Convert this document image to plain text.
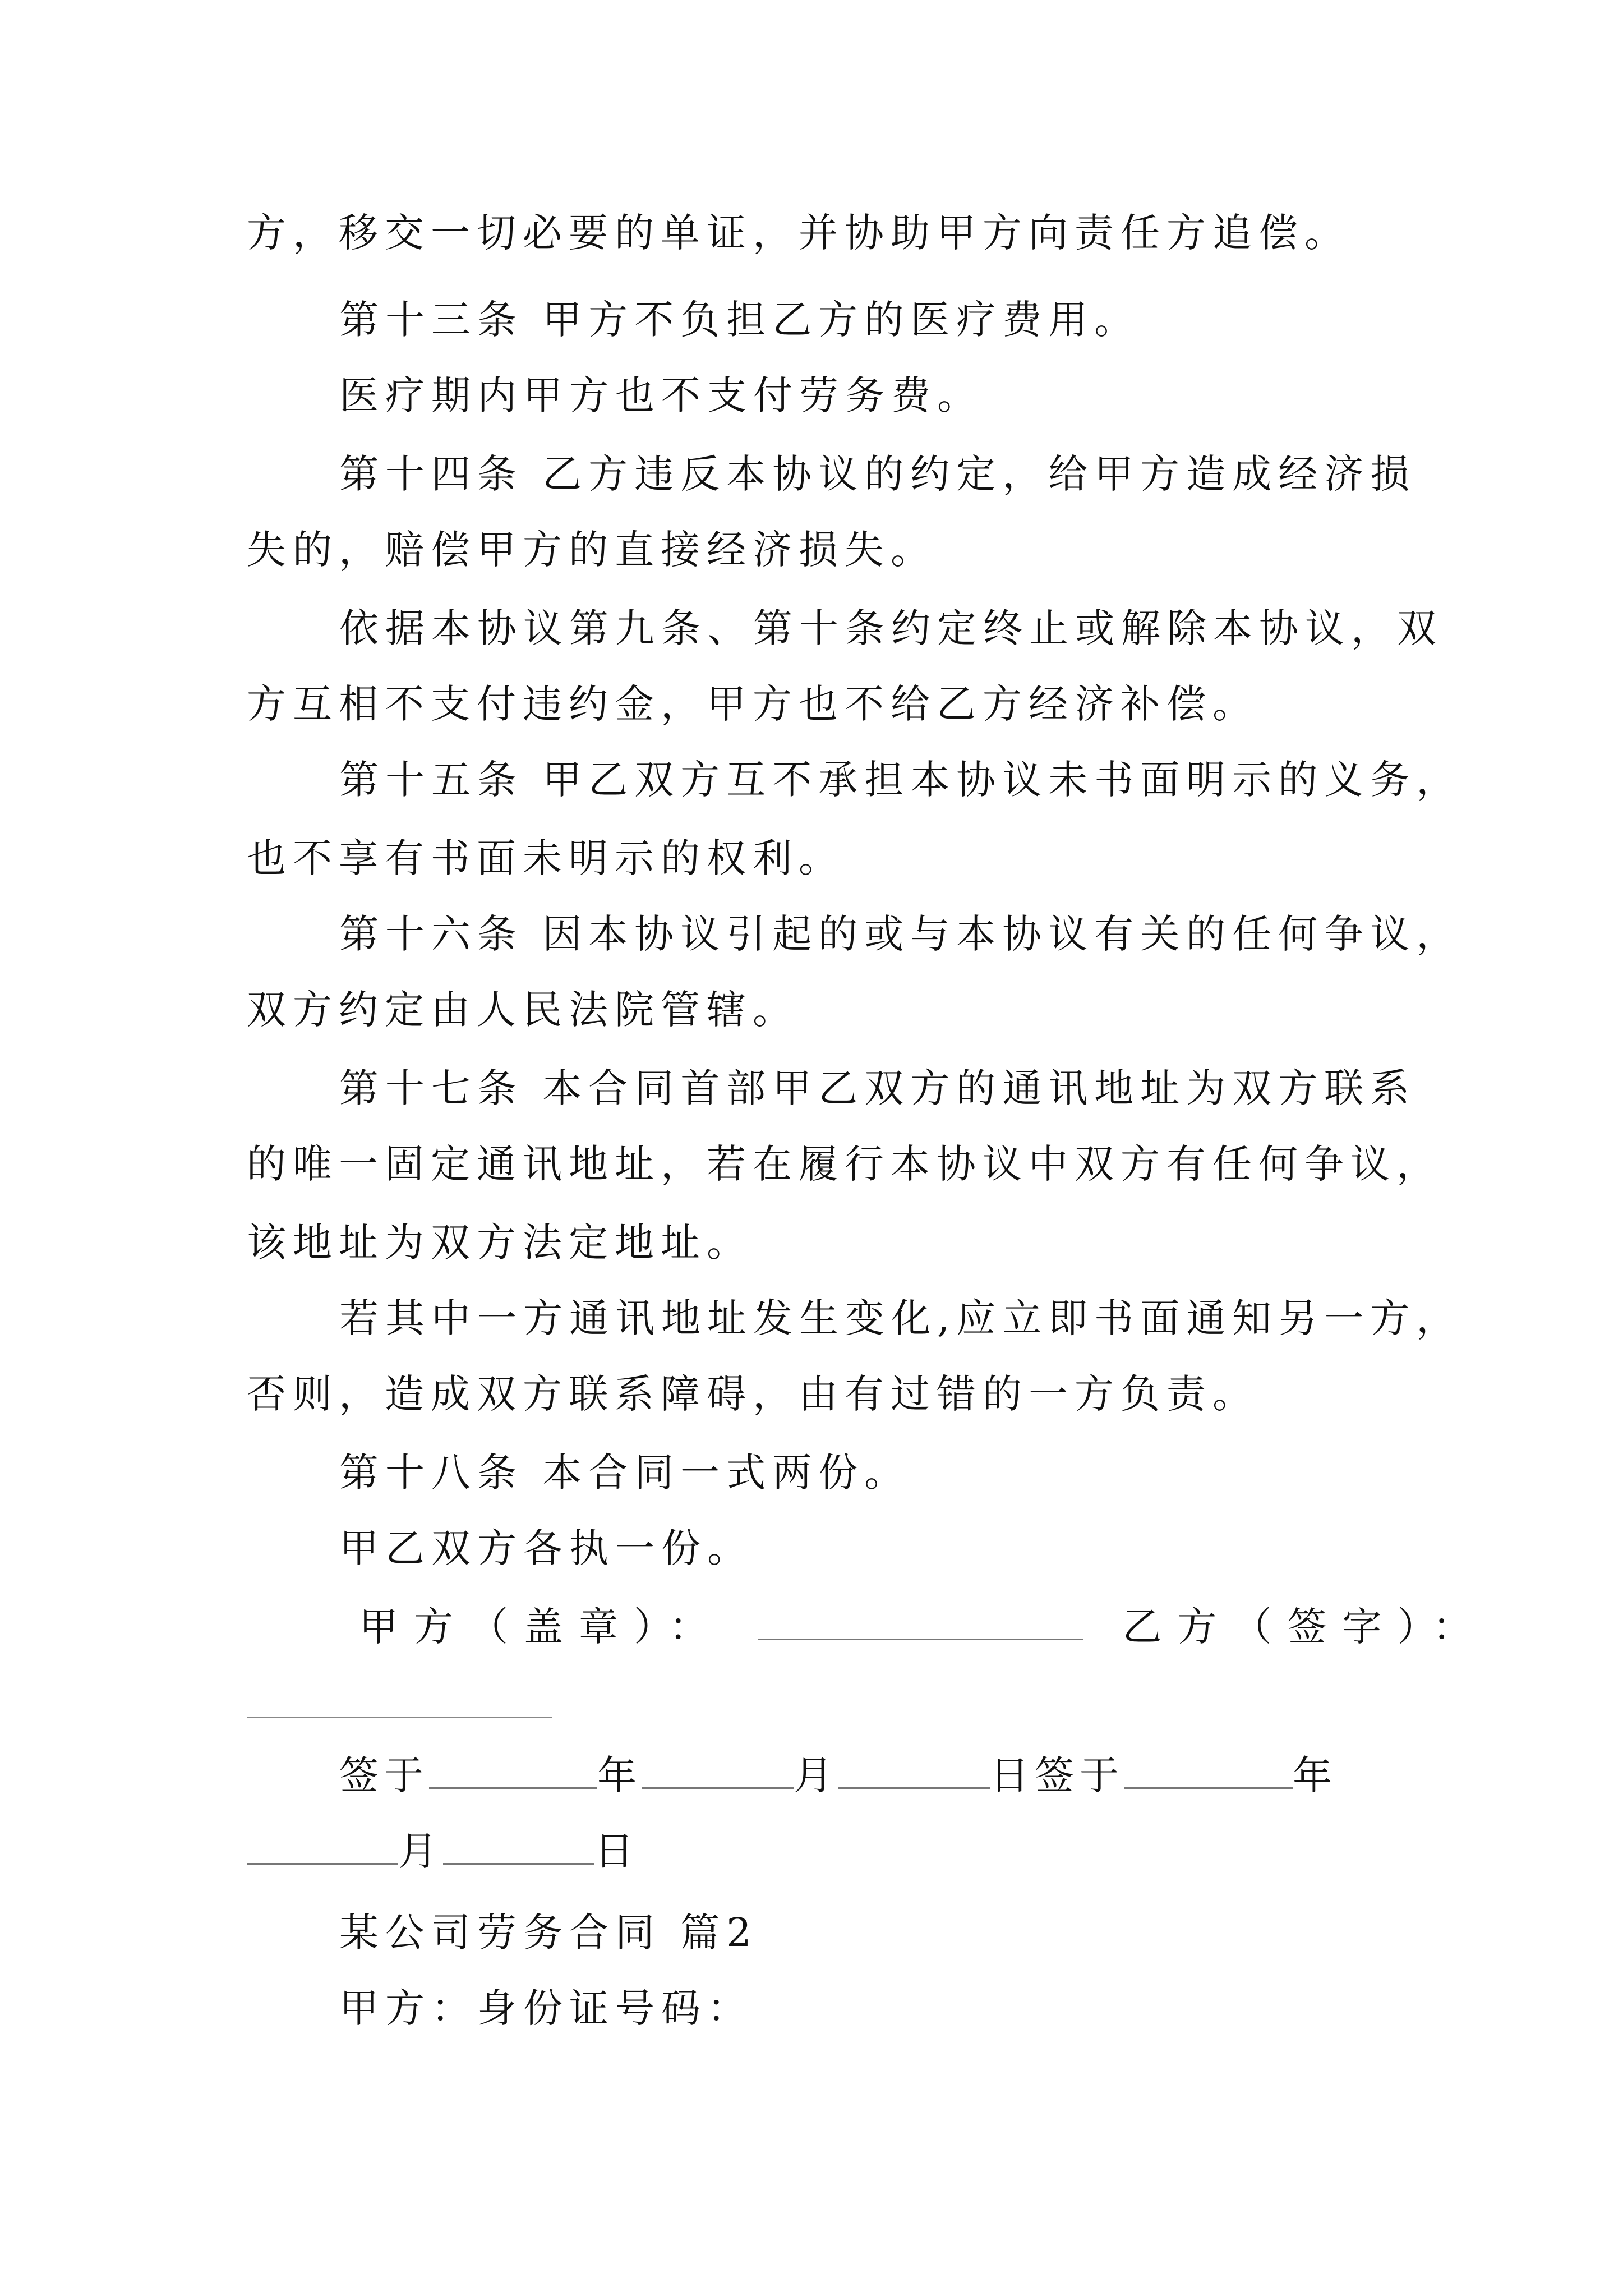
方，移交一切必要的单证，并协助甲方向责任方追偿。
第十三条 甲方不负担乙方的医疗费用。
医疗期内甲方也不支付劳务费。
第十四条 乙方违反本协议的约定，给甲方造成经济损
失的，赔偿甲方的直接经济损失。
依据本协议第九条、第十条约定终止或解除本协议，双
方互相不支付违约金，甲方也不给乙方经济补偿。
第十五条 甲乙双方互不承担本协议未书面明示的义务，
也不享有书面未明示的权利。
第十六条 因本协议引起的或与本协议有关的任何争议，
双方约定由人民法院管辖。
第十七条 本合同首部甲乙双方的通讯地址为双方联系
的唯一固定通讯地址，若在履行本协议中双方有任何争议，
该地址为双方法定地址。
若其中一方通讯地址发生变化,应立即书面通知另一方，
否则，造成双方联系障碍，由有过错的一方负责。
第十八条 本合同一式两份。
甲乙双方各执一份。
甲方（盖章）：	乙方（签字）：
签于	年	月	日签于	年
月	日
某公司劳务合同 篇2
甲方：身份证号码：
